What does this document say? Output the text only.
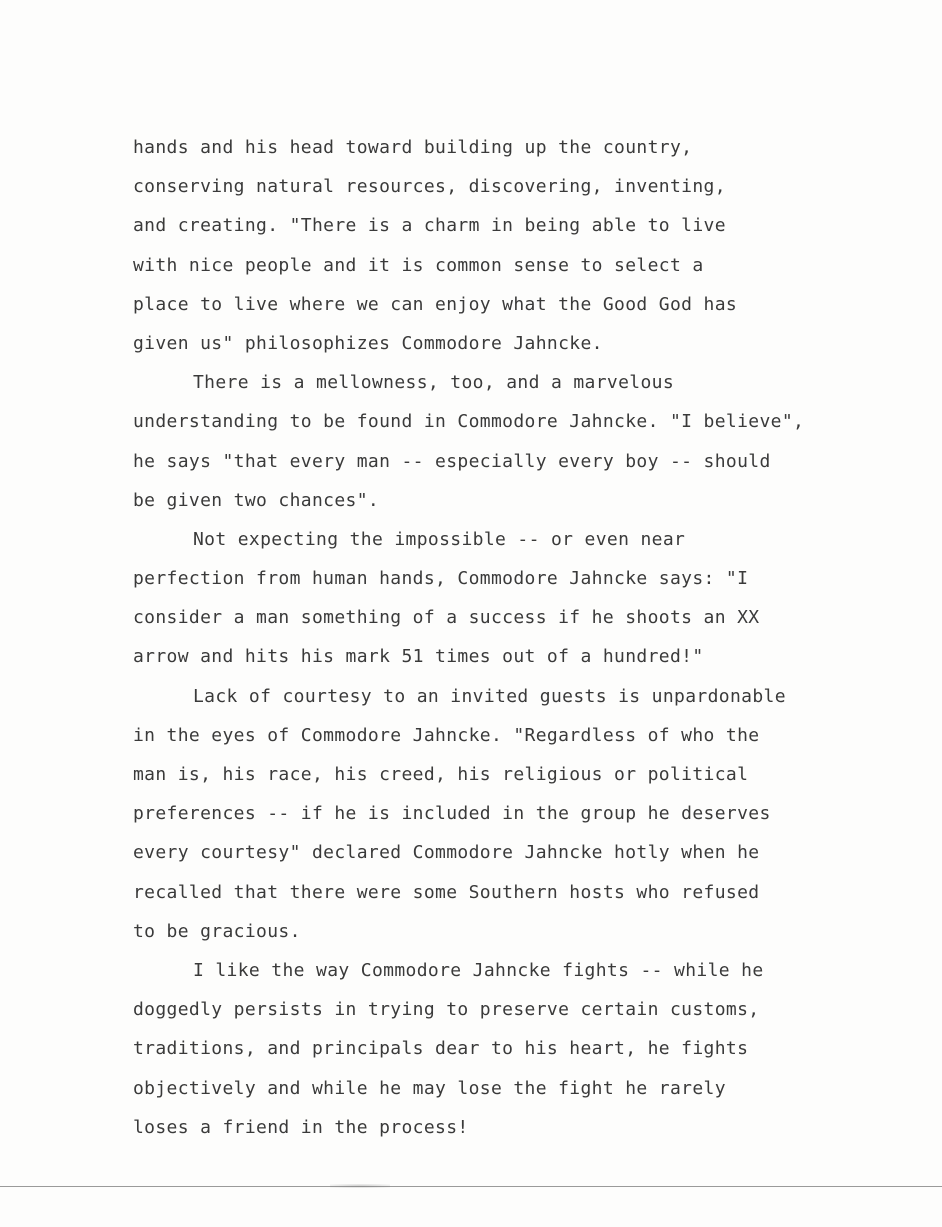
hands and his head toward building up the country,
conserving natural resources, discovering, inventing,
and creating. "There is a charm in being able to live
with nice people and it is common sense to select a
place to live where we can enjoy what the Good God has
given us" philosophizes Commodore Jahncke.
There is a mellowness, too, and a marvelous
understanding to be found in Commodore Jahncke. "I believe",
he says "that every man -- especially every boy -- should
be given two chances".
Not expecting the impossible -- or even near
perfection from human hands, Commodore Jahncke says: "I
consider a man something of a success if he shoots an XX
arrow and hits his mark 51 times out of a hundred!"
Lack of courtesy to an invited guests is unpardonable
in the eyes of Commodore Jahncke. "Regardless of who the
man is, his race, his creed, his religious or political
preferences -- if he is included in the group he deserves
every courtesy" declared Commodore Jahncke hotly when he
recalled that there were some Southern hosts who refused
to be gracious.
I like the way Commodore Jahncke fights -- while he
doggedly persists in trying to preserve certain customs,
traditions, and principals dear to his heart, he fights
objectively and while he may lose the fight he rarely
loses a friend in the process!
